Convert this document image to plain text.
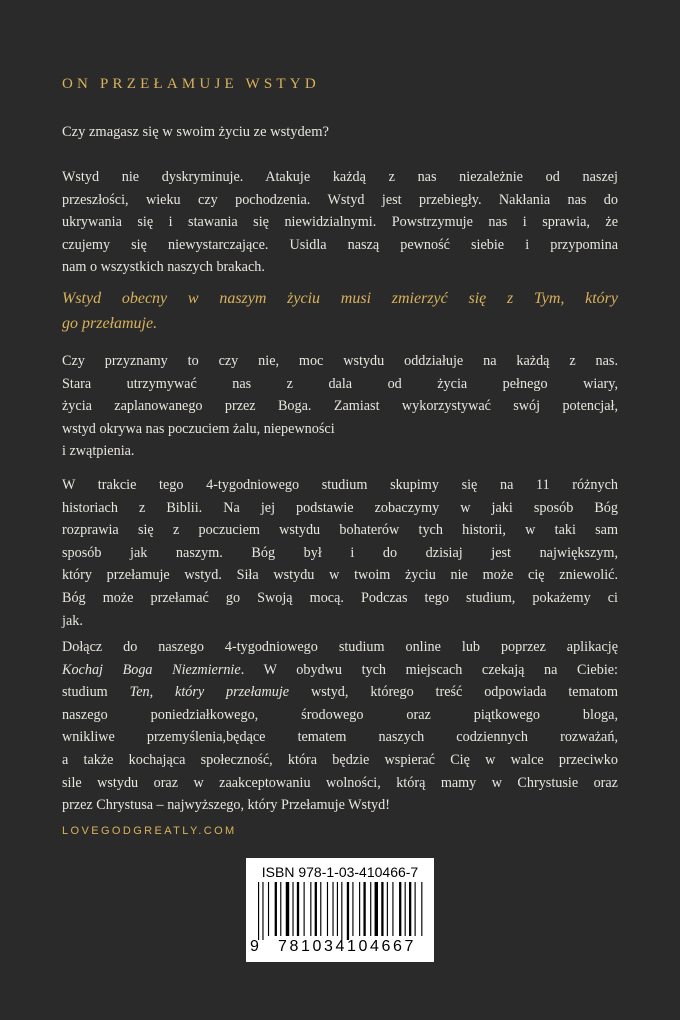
ON PRZEŁAMUJE WSTYD
Czy zmagasz się w swoim życiu ze wstydem?

Wstyd nie dyskryminuje. Atakuje każdą z nas niezależnie od naszej
przeszłości, wieku czy pochodzenia. Wstyd jest przebiegły. Nakłania nas do
ukrywania się i stawania się niewidzialnymi. Powstrzymuje nas i sprawia, że
czujemy się niewystarczające. Usidla naszą pewność siebie i przypomina
nam o wszystkich naszych brakach.

Wstyd obecny w naszym życiu musi zmierzyć się z Tym, który
go przełamuje.

Czy przyznamy to czy nie, moc wstydu oddziałuje na każdą z nas.
Stara utrzymywać nas z dala od życia pełnego wiary,
życia zaplanowanego przez Boga. Zamiast wykorzystywać swój potencjał,
wstyd okrywa nas poczuciem żalu, niepewności
i zwątpienia.

W trakcie tego 4-tygodniowego studium skupimy się na 11 różnych
historiach z Biblii. Na jej podstawie zobaczymy w jaki sposób Bóg
rozprawia się z poczuciem wstydu bohaterów tych historii, w taki sam
sposób jak naszym. Bóg był i do dzisiaj jest największym,
który przełamuje wstyd. Siła wstydu w twoim życiu nie może cię zniewolić.
Bóg może przełamać go Swoją mocą. Podczas tego studium, pokażemy ci
jak.

Dołącz do naszego 4-tygodniowego studium online lub poprzez aplikację
Kochaj Boga Niezmiernie. W obydwu tych miejscach czekają na Ciebie:
studium Ten, który przełamuje wstyd, którego treść odpowiada tematom
naszego poniedziałkowego, środowego oraz piątkowego bloga,
wnikliwe przemyślenia,będące tematem naszych codziennych rozważań,
a także kochająca społeczność, która będzie wspierać Cię w walce przeciwko
sile wstydu oraz w zaakceptowaniu wolności, którą mamy w Chrystusie oraz
przez Chrystusa – najwyższego, który Przełamuje Wstyd!

LOVEGODGREATLY.COM
ISBN 978-1-03-410466-7
9	781034104667
